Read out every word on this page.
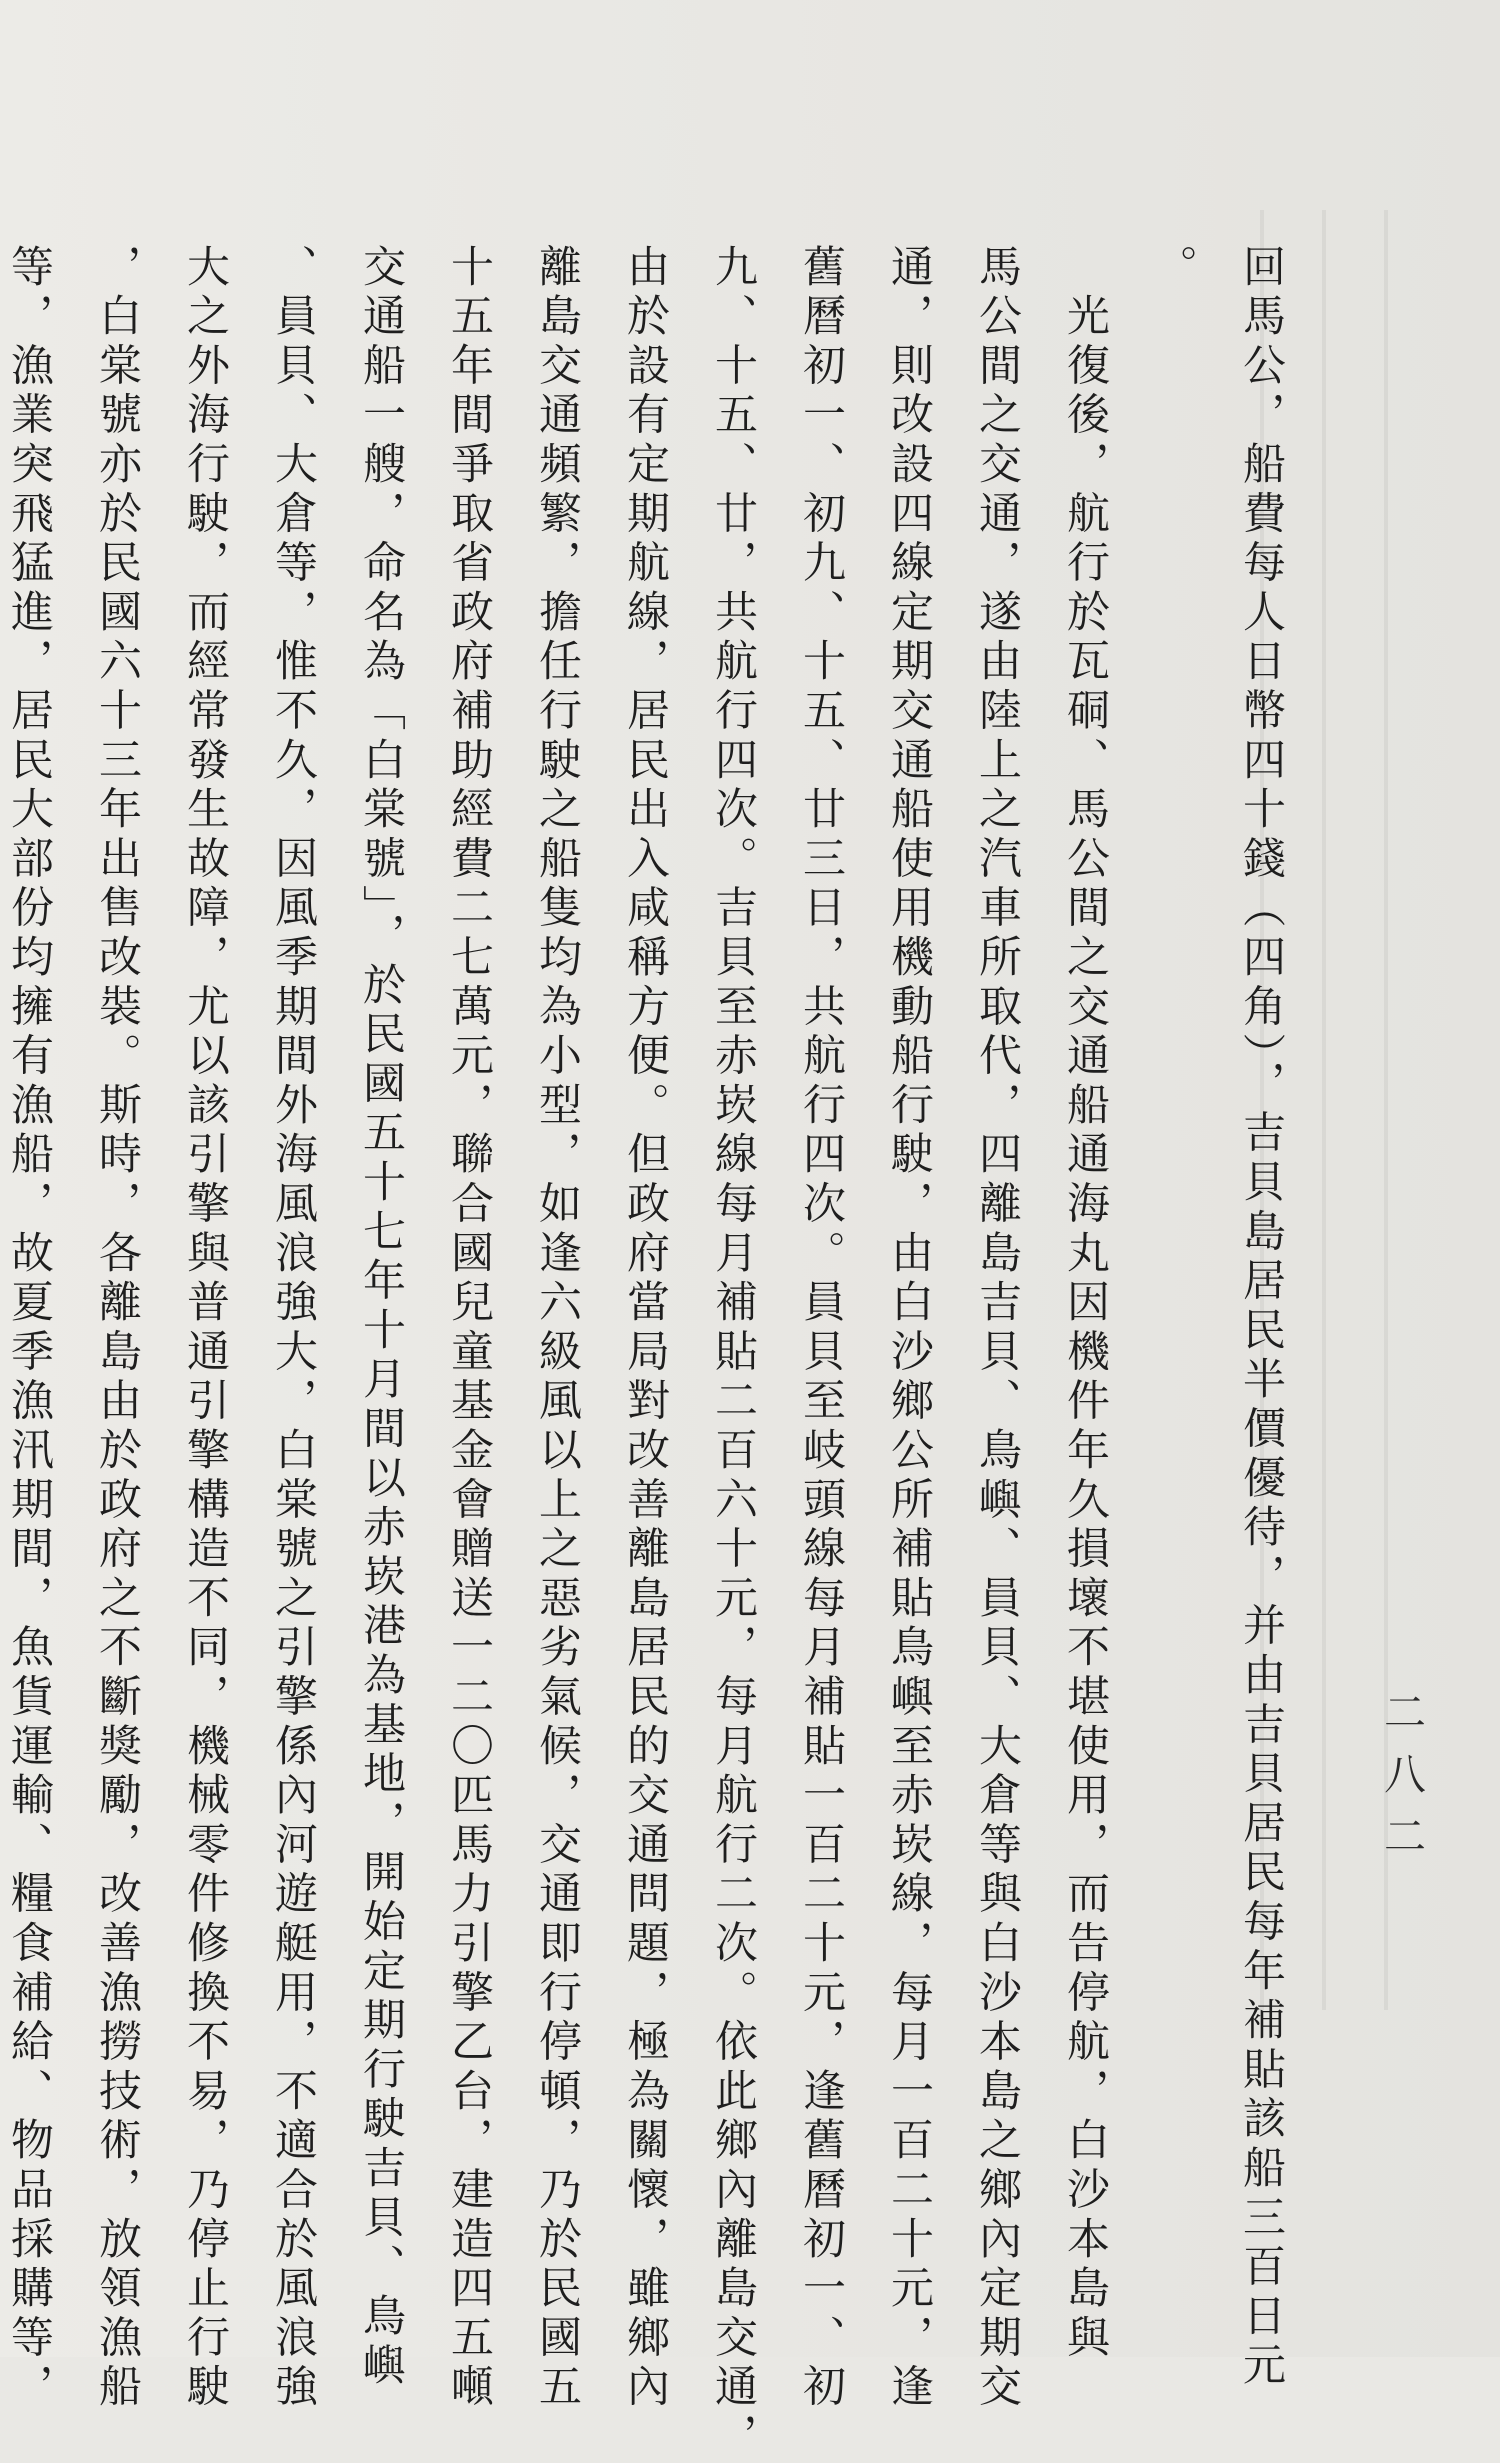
回馬公，船費每人日幣四十錢（四角），吉貝島居民半價優待，并由吉貝居民每年補貼該船三百日元
。
　光復後，航行於瓦硐、馬公間之交通船通海丸因機件年久損壞不堪使用，而告停航，白沙本島與
馬公間之交通，遂由陸上之汽車所取代，四離島吉貝、鳥嶼、員貝、大倉等與白沙本島之鄉內定期交
通，則改設四線定期交通船使用機動船行駛，由白沙鄉公所補貼鳥嶼至赤崁線，每月一百二十元，逢
舊曆初一、初九、十五、廿三日，共航行四次。員貝至岐頭線每月補貼一百二十元，逢舊曆初一、初
九、十五、廿，共航行四次。吉貝至赤崁線每月補貼二百六十元，每月航行二次。依此鄉內離島交通，
由於設有定期航線，居民出入咸稱方便。但政府當局對改善離島居民的交通問題，極為關懷，雖鄉內
離島交通頻繁，擔任行駛之船隻均為小型，如逢六級風以上之惡劣氣候，交通即行停頓，乃於民國五
十五年間爭取省政府補助經費二七萬元，聯合國兒童基金會贈送一二〇匹馬力引擎乙台，建造四五噸
交通船一艘，命名為「白棠號」，於民國五十七年十月間以赤崁港為基地，開始定期行駛吉貝、鳥嶼
、員貝、大倉等，惟不久，因風季期間外海風浪強大，白棠號之引擎係內河遊艇用，不適合於風浪強
大之外海行駛，而經常發生故障，尤以該引擎與普通引擎構造不同，機械零件修換不易，乃停止行駛
，白棠號亦於民國六十三年出售改裝。斯時，各離島由於政府之不斷獎勵，改善漁撈技術，放領漁船
等，漁業突飛猛進，居民大部份均擁有漁船，故夏季漁汛期間，魚貨運輸、糧食補給、物品採購等，	二八二
